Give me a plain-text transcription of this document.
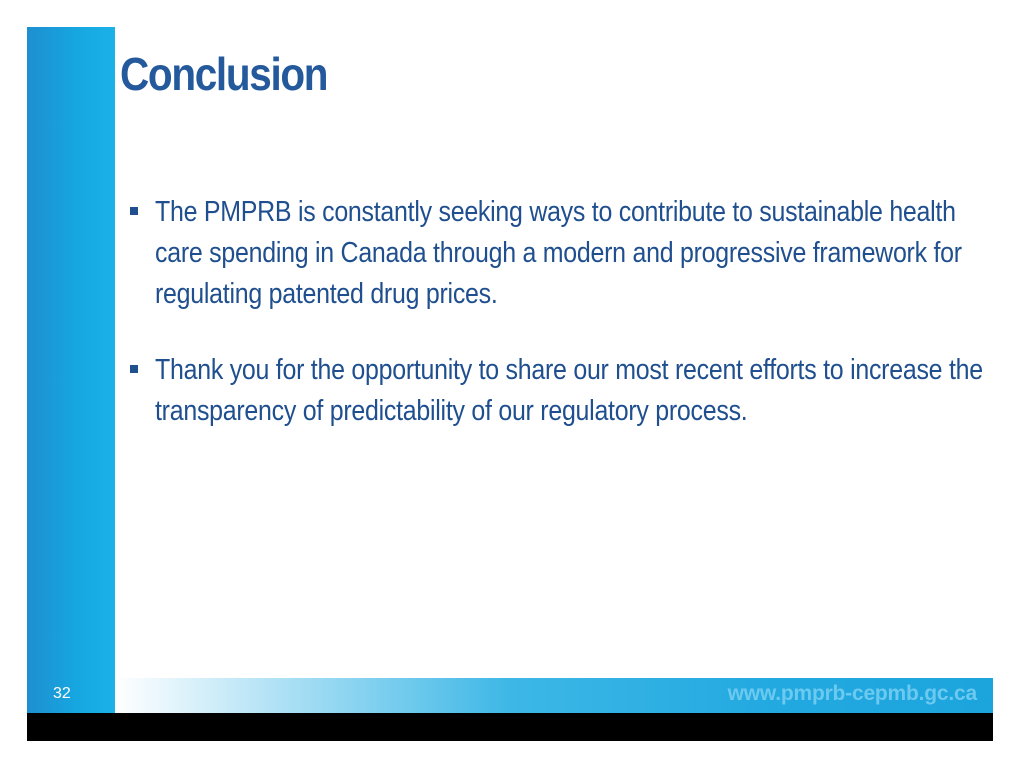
Conclusion
The PMPRB is constantly seeking ways to contribute to sustainable health care spending in Canada through a modern and progressive framework for regulating patented drug prices.
Thank you for the opportunity to share our most recent efforts to increase the transparency of predictability of our regulatory process.
32	www.pmprb-cepmb.gc.ca
